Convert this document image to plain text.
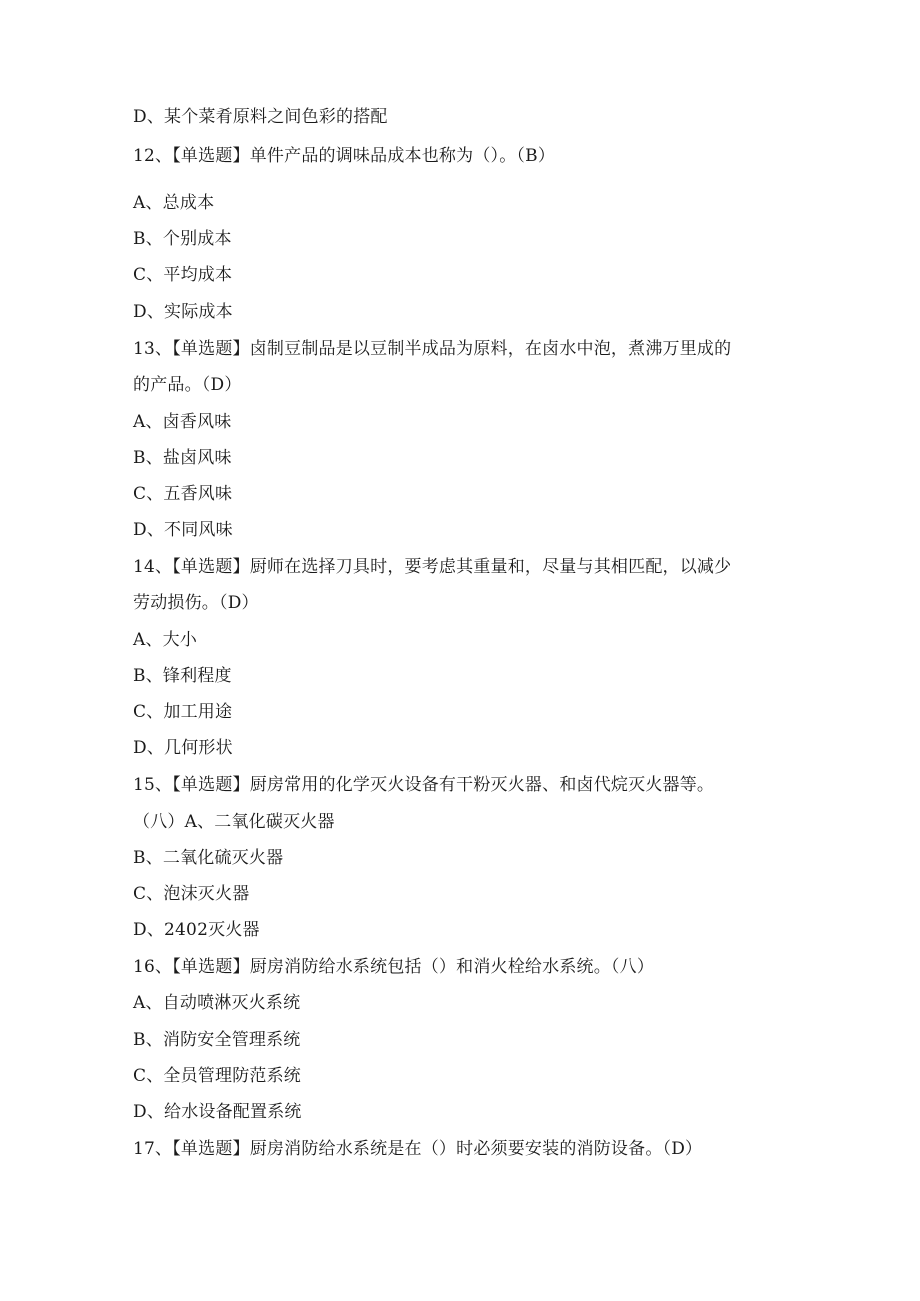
D、某个菜肴原料之间色彩的搭配
12、【单选题】单件产品的调味品成本也称为（）。（B）
A、总成本
B、个别成本
C、平均成本
D、实际成本
13、【单选题】卤制豆制品是以豆制半成品为原料，在卤水中泡，煮沸万里成的
的产品。（D）
A、卤香风味
B、盐卤风味
C、五香风味
D、不同风味
14、【单选题】厨师在选择刀具时，要考虑其重量和，尽量与其相匹配，以减少
劳动损伤。（D）
A、大小
B、锋利程度
C、加工用途
D、几何形状
15、【单选题】厨房常用的化学灭火设备有干粉灭火器、和卤代烷灭火器等。
（八）A、二氧化碳灭火器
B、二氧化硫灭火器
C、泡沫灭火器
D、2402灭火器
16、【单选题】厨房消防给水系统包括（）和消火栓给水系统。（八）
A、自动喷淋灭火系统
B、消防安全管理系统
C、全员管理防范系统
D、给水设备配置系统
17、【单选题】厨房消防给水系统是在（）时必须要安装的消防设备。（D）
